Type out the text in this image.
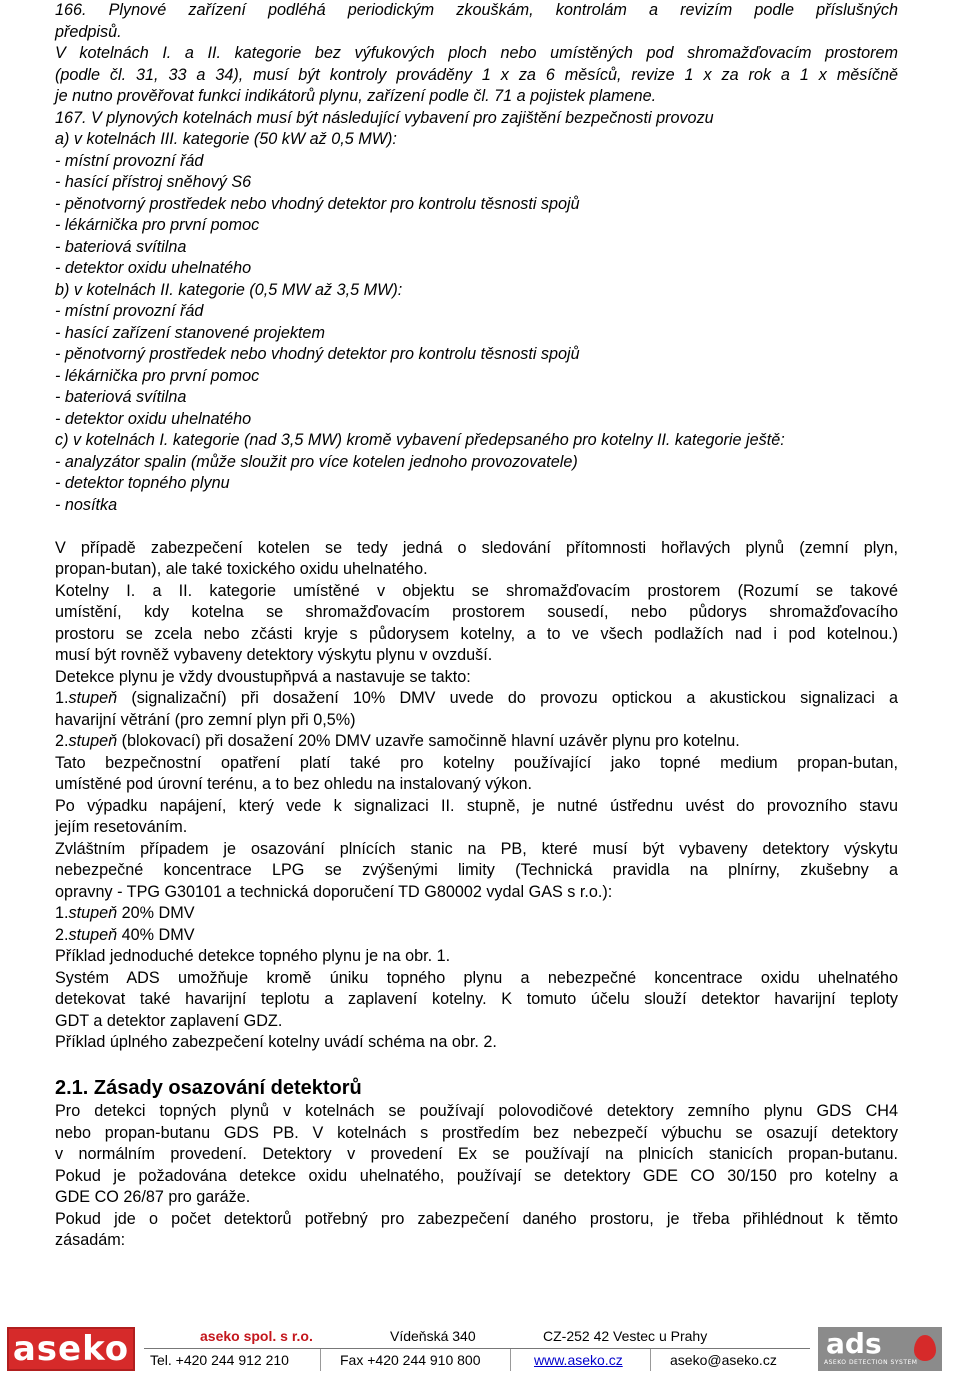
166. Plynové zařízení podléhá periodickým zkouškám, kontrolám a revizím podle příslušných
předpisů.
V kotelnách I. a II. kategorie bez výfukových ploch nebo umístěných pod shromažďovacím prostorem
(podle čl. 31, 33 a 34), musí být kontroly prováděny 1 x za 6 měsíců, revize 1 x za rok a 1 x měsíčně
je nutno prověřovat funkci indikátorů plynu, zařízení podle čl. 71 a pojistek plamene.
167. V plynových kotelnách musí být následující vybavení pro zajištění bezpečnosti provozu
a) v kotelnách III. kategorie (50 kW až 0,5 MW):
- místní provozní řád
- hasící přístroj sněhový S6
- pěnotvorný prostředek nebo vhodný detektor pro kontrolu těsnosti spojů
- lékárnička pro první pomoc
- bateriová svítilna
- detektor oxidu uhelnatého
b) v kotelnách II. kategorie (0,5 MW až 3,5 MW):
- místní provozní řád
- hasící zařízení stanovené projektem
- pěnotvorný prostředek nebo vhodný detektor pro kontrolu těsnosti spojů
- lékárnička pro první pomoc
- bateriová svítilna
- detektor oxidu uhelnatého
c) v kotelnách I. kategorie (nad 3,5 MW) kromě vybavení předepsaného pro kotelny II. kategorie ještě:
- analyzátor spalin (může sloužit pro více kotelen jednoho provozovatele)
- detektor topného plynu
- nosítka
V případě zabezpečení kotelen se tedy jedná o sledování přítomnosti hořlavých plynů (zemní plyn,
propan-butan), ale také toxického oxidu uhelnatého.
Kotelny I. a II. kategorie umístěné v objektu se shromažďovacím prostorem (Rozumí se takové
umístění, kdy kotelna se shromažďovacím prostorem sousedí, nebo půdorys shromažďovacího
prostoru se zcela nebo zčásti kryje s půdorysem kotelny, a to ve všech podlažích nad i pod kotelnou.)
musí být rovněž vybaveny detektory výskytu plynu v ovzduší.
Detekce plynu je vždy dvoustupňpvá a nastavuje se takto:
1.stupeň (signalizační) při dosažení 10% DMV uvede do provozu optickou a akustickou signalizaci a
havarijní větrání (pro zemní plyn při 0,5%)
2.stupeň (blokovací) při dosažení 20% DMV uzavře samočinně hlavní uzávěr plynu pro kotelnu.
Tato bezpečnostní opatření platí také pro kotelny používající jako topné medium propan-butan,
umístěné pod úrovní terénu, a to bez ohledu na instalovaný výkon.
Po výpadku napájení, který vede k signalizaci II. stupně, je nutné ústřednu uvést do provozního stavu
jejím resetováním.
Zvláštním případem je osazování plnících stanic na PB, které musí být vybaveny detektory výskytu
nebezpečné koncentrace LPG se zvýšenými limity (Technická pravidla na plnírny, zkušebny a
opravny - TPG G30101 a technická doporučení TD G80002 vydal GAS s r.o.):
1.stupeň 20% DMV
2.stupeň 40% DMV
Příklad jednoduché detekce topného plynu je na obr. 1.
Systém ADS umožňuje kromě úniku topného plynu a nebezpečné koncentrace oxidu uhelnatého
detekovat také havarijní teplotu a zaplavení kotelny. K tomuto účelu slouží detektor havarijní teploty
GDT a detektor zaplavení GDZ.
Příklad úplného zabezpečení kotelny uvádí schéma na obr. 2.
2.1. Zásady osazování detektorů
Pro detekci topných plynů v kotelnách se používají polovodičové detektory zemního plynu GDS CH4
nebo propan-butanu GDS PB. V kotelnách s prostředím bez nebezpečí výbuchu se osazují detektory
v normálním provedení. Detektory v provedení Ex se používají na plnicích stanicích propan-butanu.
Pokud je požadována detekce oxidu uhelnatého, používají se detektory GDE CO 30/150 pro kotelny a
GDE CO 26/87 pro garáže.
Pokud jde o počet detektorů potřebný pro zabezpečení daného prostoru, je třeba přihlédnout k těmto
zásadám:
aseko	aseko spol. s r.o.	Vídeňská 340	CZ-252 42 Vestec u Prahy
Tel. +420 244 912 210	Fax +420 244 910 800	www.aseko.cz	aseko@aseko.cz ads
ASEKO DETECTION SYSTEM
